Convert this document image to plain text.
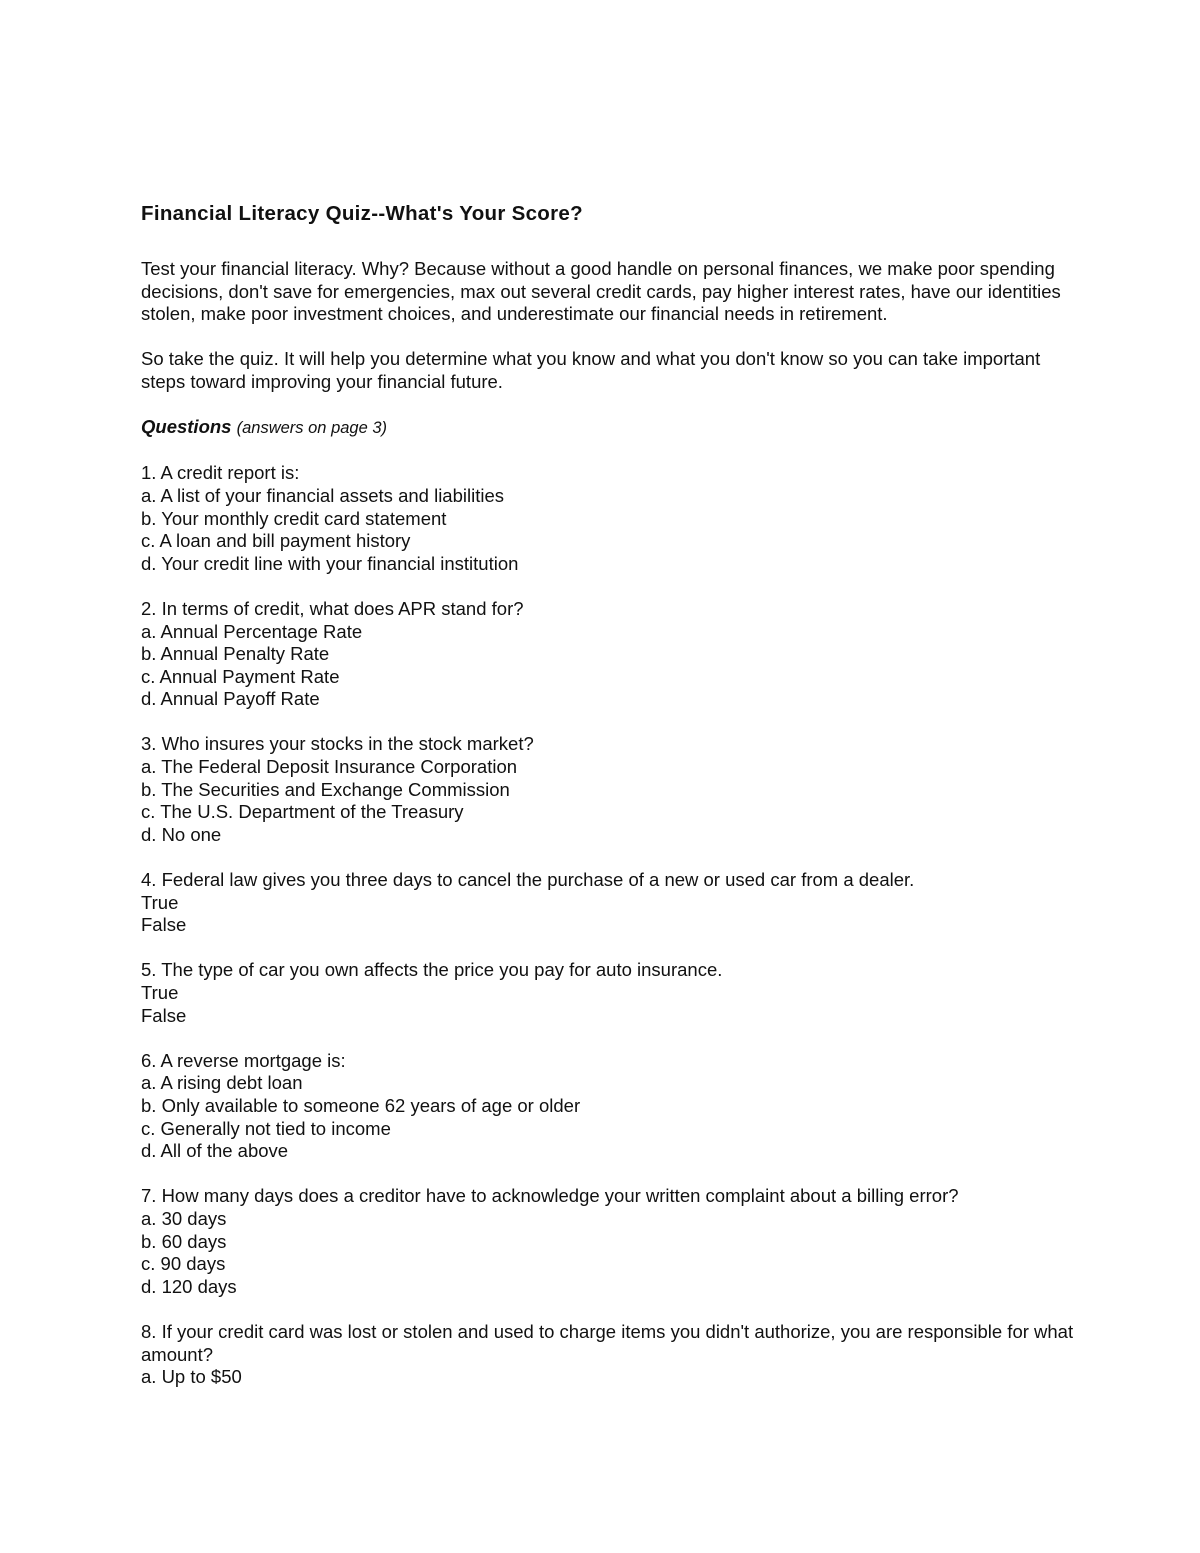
Financial Literacy Quiz--What's Your Score?
Test your financial literacy. Why? Because without a good handle on personal finances, we make poor spending decisions, don't save for emergencies, max out several credit cards, pay higher interest rates, have our identities stolen, make poor investment choices, and underestimate our financial needs in retirement.
So take the quiz. It will help you determine what you know and what you don't know so you can take important steps toward improving your financial future.
Questions (answers on page 3)
1. A credit report is:
a. A list of your financial assets and liabilities
b. Your monthly credit card statement
c. A loan and bill payment history
d. Your credit line with your financial institution
2. In terms of credit, what does APR stand for?
a. Annual Percentage Rate
b. Annual Penalty Rate
c. Annual Payment Rate
d. Annual Payoff Rate
3. Who insures your stocks in the stock market?
a. The Federal Deposit Insurance Corporation
b. The Securities and Exchange Commission
c. The U.S. Department of the Treasury
d. No one
4. Federal law gives you three days to cancel the purchase of a new or used car from a dealer.
True
False
5. The type of car you own affects the price you pay for auto insurance.
True
False
6. A reverse mortgage is:
a. A rising debt loan
b. Only available to someone 62 years of age or older
c. Generally not tied to income
d. All of the above
7. How many days does a creditor have to acknowledge your written complaint about a billing error?
a. 30 days
b. 60 days
c. 90 days
d. 120 days
8. If your credit card was lost or stolen and used to charge items you didn't authorize, you are responsible for what amount?
a. Up to $50
